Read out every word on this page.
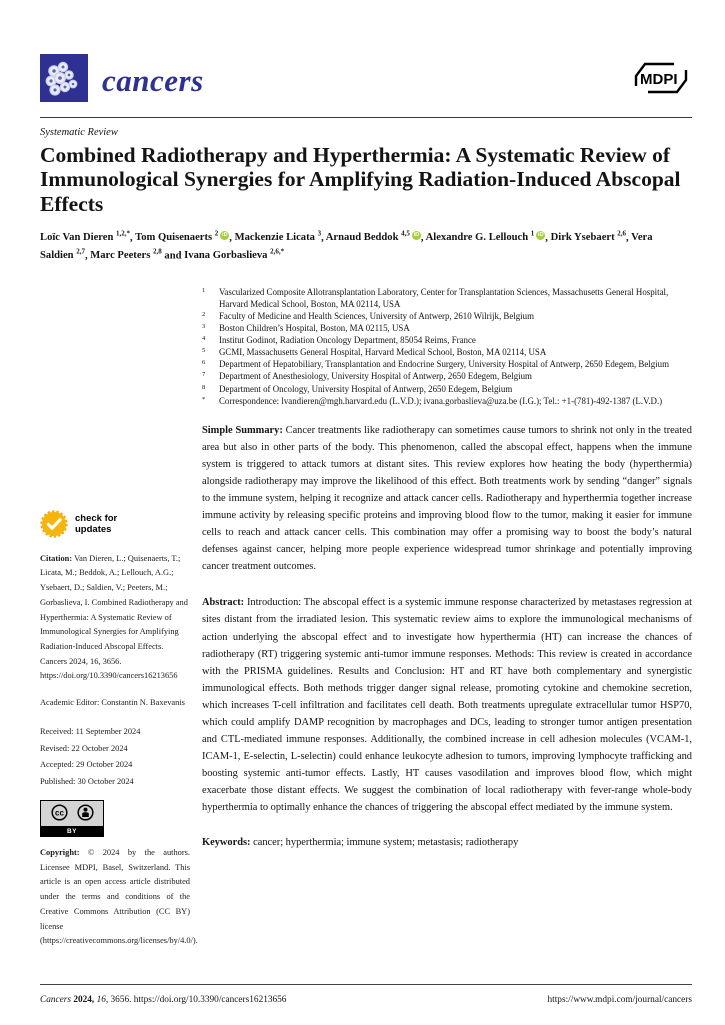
cancers	MDPI
Systematic Review
Combined Radiotherapy and Hyperthermia: A Systematic Review of Immunological Synergies for Amplifying Radiation-Induced Abscopal Effects
Loïc Van Dieren $^{1,2,*}$, Tom Quisenaerts $^2$ iD , Mackenzie Licata $^3$, Arnaud Beddok $^{4,5}$ iD , Alexandre G. Lellouch $^1$ iD , Dirk Ysebaert $^{2,6}$, Vera Saldien $^{2,7}$, Marc Peeters $^{2,8}$ and Ivana Gorbaslieva $^{2,6,*}$
check for updates
Citation: Van Dieren, L.; Quisenaerts, T.; Licata, M.; Beddok, A.; Lellouch, A.G.; Ysebaert, D.; Saldien, V.; Peeters, M.; Gorbaslieva, I. Combined Radiotherapy and Hyperthermia: A Systematic Review of Immunological Synergies for Amplifying Radiation-Induced Abscopal Effects. Cancers 2024, 16, 3656. https://doi.org/10.3390/cancers16213656
Academic Editor: Constantin N. Baxevanis
Received: 11 September 2024
Revised: 22 October 2024
Accepted: 29 October 2024
Published: 30 October 2024
cc
BY
Copyright: © 2024 by the authors. Licensee MDPI, Basel, Switzerland. This article is an open access article distributed under the terms and conditions of the Creative Commons Attribution (CC BY) license (https://creativecommons.org/licenses/by/4.0/).
1	Vascularized Composite Allotransplantation Laboratory, Center for Transplantation Sciences, Massachusetts General Hospital, Harvard Medical School, Boston, MA 02114, USA
2	Faculty of Medicine and Health Sciences, University of Antwerp, 2610 Wilrijk, Belgium
3	Boston Children’s Hospital, Boston, MA 02115, USA
4	Institut Godinot, Radiation Oncology Department, 85054 Reims, France
5	GCMI, Massachusetts General Hospital, Harvard Medical School, Boston, MA 02114, USA
6	Department of Hepatobiliary, Transplantation and Endocrine Surgery, University Hospital of Antwerp, 2650 Edegem, Belgium
7	Department of Anesthesiology, University Hospital of Antwerp, 2650 Edegem, Belgium
8	Department of Oncology, University Hospital of Antwerp, 2650 Edegem, Belgium
*	Correspondence: lvandieren@mgh.harvard.edu (L.V.D.); ivana.gorbaslieva@uza.be (I.G.); Tel.: +1-(781)-492-1387 (L.V.D.)
Simple Summary: Cancer treatments like radiotherapy can sometimes cause tumors to shrink not only in the treated area but also in other parts of the body. This phenomenon, called the abscopal effect, happens when the immune system is triggered to attack tumors at distant sites. This review explores how heating the body (hyperthermia) alongside radiotherapy may improve the likelihood of this effect. Both treatments work by sending “danger” signals to the immune system, helping it recognize and attack cancer cells. Radiotherapy and hyperthermia together increase immune activity by releasing specific proteins and improving blood flow to the tumor, making it easier for immune cells to reach and attack cancer cells. This combination may offer a promising way to boost the body’s natural defenses against cancer, helping more people experience widespread tumor shrinkage and potentially improving cancer treatment outcomes.
Abstract: Introduction: The abscopal effect is a systemic immune response characterized by metastases regression at sites distant from the irradiated lesion. This systematic review aims to explore the immunological mechanisms of action underlying the abscopal effect and to investigate how hyperthermia (HT) can increase the chances of radiotherapy (RT) triggering systemic anti-tumor immune responses. Methods: This review is created in accordance with the PRISMA guidelines. Results and Conclusion: HT and RT have both complementary and synergistic immunological effects. Both methods trigger danger signal release, promoting cytokine and chemokine secretion, which increases T-cell infiltration and facilitates cell death. Both treatments upregulate extracellular tumor HSP70, which could amplify DAMP recognition by macrophages and DCs, leading to stronger tumor antigen presentation and CTL-mediated immune responses. Additionally, the combined increase in cell adhesion molecules (VCAM-1, ICAM-1, E-selectin, L-selectin) could enhance leukocyte adhesion to tumors, improving lymphocyte trafficking and boosting systemic anti-tumor effects. Lastly, HT causes vasodilation and improves blood flow, which might exacerbate those distant effects. We suggest the combination of local radiotherapy with fever-range whole-body hyperthermia to optimally enhance the chances of triggering the abscopal effect mediated by the immune system.
Keywords: cancer; hyperthermia; immune system; metastasis; radiotherapy
Cancers 2024, 16, 3656. https://doi.org/10.3390/cancers16213656	https://www.mdpi.com/journal/cancers
